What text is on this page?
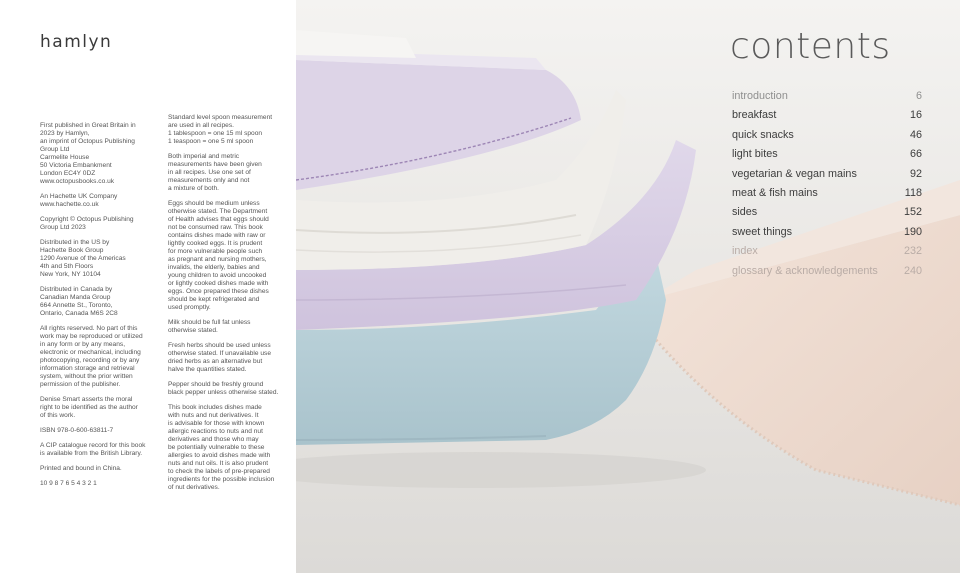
hamlyn

First published in Great Britain in
2023 by Hamlyn,
an imprint of Octopus Publishing
Group Ltd
Carmelite House
50 Victoria Embankment
London EC4Y 0DZ
www.octopusbooks.co.uk

An Hachette UK Company
www.hachette.co.uk

Copyright © Octopus Publishing
Group Ltd 2023

Distributed in the US by
Hachette Book Group
1290 Avenue of the Americas
4th and 5th Floors
New York, NY 10104

Distributed in Canada by
Canadian Manda Group
664 Annette St., Toronto,
Ontario, Canada M6S 2C8

All rights reserved. No part of this
work may be reproduced or utilized
in any form or by any means,
electronic or mechanical, including
photocopying, recording or by any
information storage and retrieval
system, without the prior written
permission of the publisher.

Denise Smart asserts the moral
right to be identified as the author
of this work.

ISBN 978-0-600-63811-7

A CIP catalogue record for this book
is available from the British Library.

Printed and bound in China.

10 9 8 7 6 5 4 3 2 1

Standard level spoon measurement
are used in all recipes.
1 tablespoon = one 15 ml spoon
1 teaspoon = one 5 ml spoon

Both imperial and metric
measurements have been given
in all recipes. Use one set of
measurements only and not
a mixture of both.

Eggs should be medium unless
otherwise stated. The Department
of Health advises that eggs should
not be consumed raw. This book
contains dishes made with raw or
lightly cooked eggs. It is prudent
for more vulnerable people such
as pregnant and nursing mothers,
invalids, the elderly, babies and
young children to avoid uncooked
or lightly cooked dishes made with
eggs. Once prepared these dishes
should be kept refrigerated and
used promptly.

Milk should be full fat unless
otherwise stated.

Fresh herbs should be used unless
otherwise stated. If unavailable use
dried herbs as an alternative but
halve the quantities stated.

Pepper should be freshly ground
black pepper unless otherwise stated.

This book includes dishes made
with nuts and nut derivatives. It
is advisable for those with known
allergic reactions to nuts and nut
derivatives and those who may
be potentially vulnerable to these
allergies to avoid dishes made with
nuts and nut oils. It is also prudent
to check the labels of pre-prepared
ingredients for the possible inclusion
of nut derivatives.

contents
introduction	6
breakfast	16
quick snacks	46
light bites	66
vegetarian & vegan mains	92
meat & fish mains	118
sides	152
sweet things	190
index	232
glossary & acknowledgements 240
